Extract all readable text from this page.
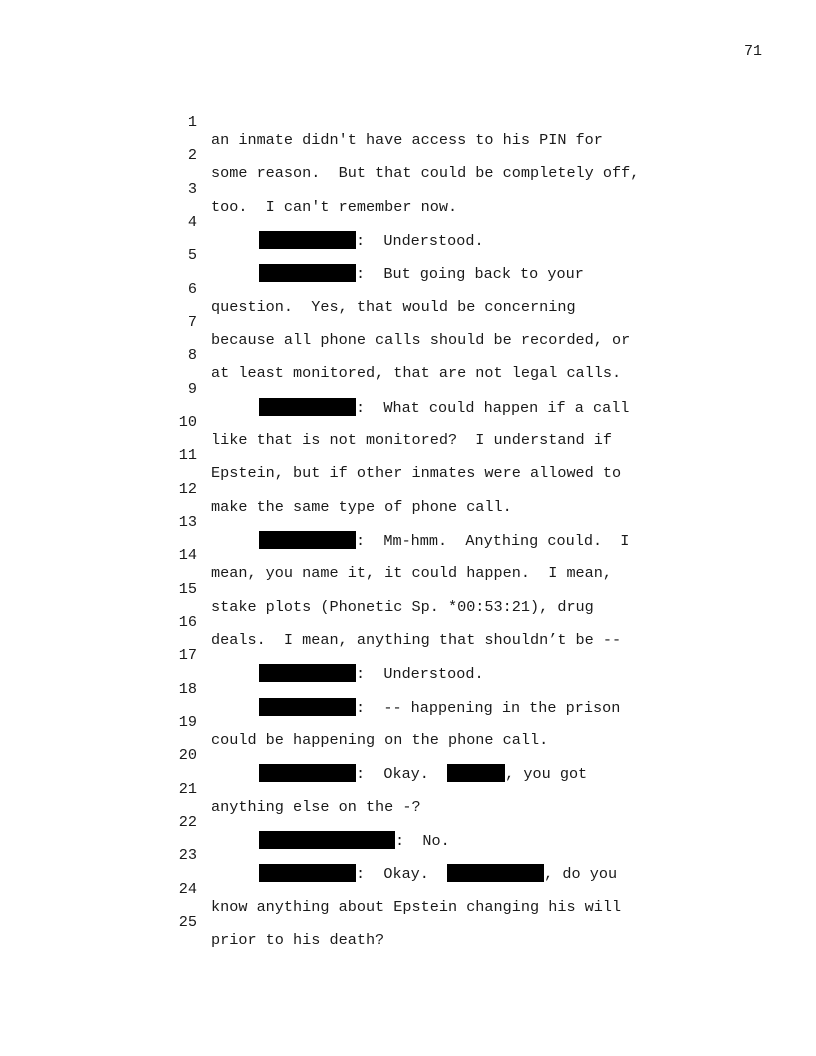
71

1

an inmate didn't have access to his PIN for

2

some reason.  But that could be completely off,

3

too.  I can't remember now.

4

:  Understood.

5

:  But going back to your

6

question.  Yes, that would be concerning

7

because all phone calls should be recorded, or

8

at least monitored, that are not legal calls.

9

:  What could happen if a call

10

like that is not monitored?  I understand if

11

Epstein, but if other inmates were allowed to

12

make the same type of phone call.

13

:  Mm-hmm.  Anything could.  I

14

mean, you name it, it could happen.  I mean,

15

stake plots (Phonetic Sp. *00:53:21), drug

16

deals.  I mean, anything that shouldn’t be --

17

:  Understood.

18

:  -- happening in the prison

19

could be happening on the phone call.

20

:  Okay.	, you got

21

anything else on the -?

22

:  No.

23

:  Okay.	, do you

24

know anything about Epstein changing his will

25

prior to his death?
